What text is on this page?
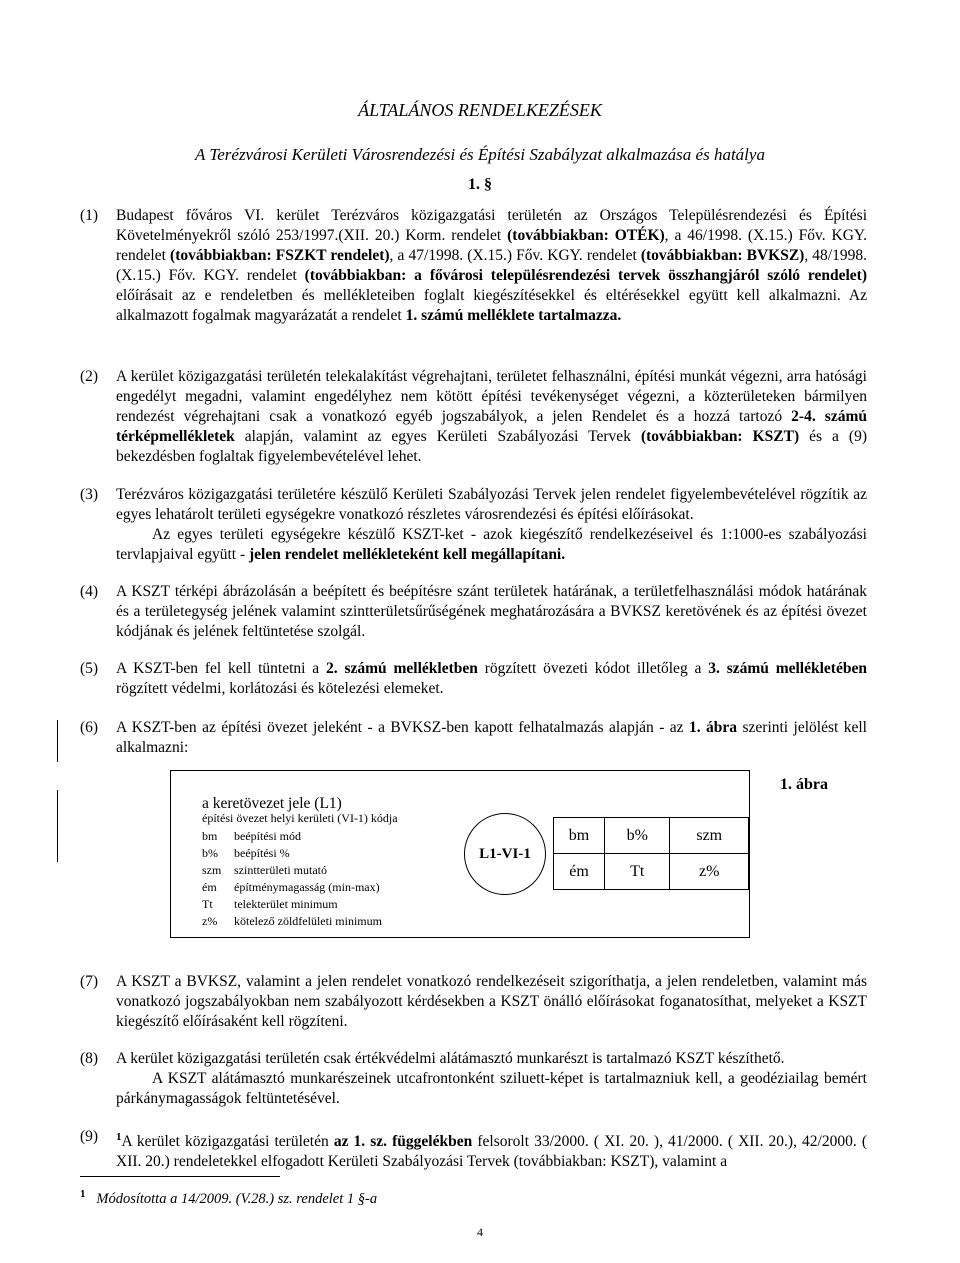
ÁLTALÁNOS RENDELKEZÉSEK
A Terézvárosi Kerületi Városrendezési és Építési Szabályzat alkalmazása és hatálya
1. §
(1)	Budapest főváros VI. kerület Terézváros közigazgatási területén az Országos Településrendezési és Építési Követelményekről szóló 253/1997.(XII. 20.) Korm. rendelet (továbbiakban: OTÉK), a 46/1998. (X.15.) Főv. KGY. rendelet (továbbiakban: FSZKT rendelet), a 47/1998. (X.15.) Főv. KGY. rendelet (továbbiakban: BVKSZ), 48/1998. (X.15.) Főv. KGY. rendelet (továbbiakban: a fővárosi településrendezési tervek összhangjáról szóló rendelet) előírásait az e rendeletben és mellékleteiben foglalt kiegészítésekkel és eltérésekkel együtt kell alkalmazni. Az alkalmazott fogalmak magyarázatát a rendelet 1. számú melléklete tartalmazza.
(2)	A kerület közigazgatási területén telekalakítást végrehajtani, területet felhasználni, építési munkát végezni, arra hatósági engedélyt megadni, valamint engedélyhez nem kötött építési tevékenységet végezni, a közterületeken bármilyen rendezést végrehajtani csak a vonatkozó egyéb jogszabályok, a jelen Rendelet és a hozzá tartozó 2-4. számú térképmellékletek alapján, valamint az egyes Kerületi Szabályozási Tervek (továbbiakban: KSZT) és a (9) bekezdésben foglaltak figyelembevételével lehet.
(3)	Terézváros közigazgatási területére készülő Kerületi Szabályozási Tervek jelen rendelet figyelembevételével rögzítik az egyes lehatárolt területi egységekre vonatkozó részletes városrendezési és építési előírásokat.

Az egyes területi egységekre készülő KSZT-ket - azok kiegészítő rendelkezéseivel és 1:1000-es szabályozási tervlapjaival együtt - jelen rendelet mellékleteként kell megállapítani.

(4)	A KSZT térképi ábrázolásán a beépített és beépítésre szánt területek határának, a területfelhasználási módok határának és a területegység jelének valamint szintterületsűrűségének meghatározására a BVKSZ keretövének és az építési övezet kódjának és jelének feltüntetése szolgál.
(5)	A KSZT-ben fel kell tüntetni a 2. számú mellékletben rögzített övezeti kódot illetőleg a 3. számú mellékletében rögzített védelmi, korlátozási és kötelezési elemeket.
(6)	A KSZT-ben az építési övezet jeleként - a BVKSZ-ben kapott felhatalmazás alapján - az 1. ábra szerinti jelölést kell alkalmazni:
1. ábra
a keretövezet jele (L1)
építési övezet helyi kerületi (VI-1) kódja
bm beépítési mód
b% beépítési %
szm szintterületi mutató
ém építménymagasság (min-max)
Tt telekterület minimum
z% kötelező zöldfelületi minimum
L1-VI-1
bm	b%	szm
ém	Tt	z%
(7)	A KSZT a BVKSZ, valamint a jelen rendelet vonatkozó rendelkezéseit szigoríthatja, a jelen rendeletben, valamint más vonatkozó jogszabályokban nem szabályozott kérdésekben a KSZT önálló előírásokat foganatosíthat, melyeket a KSZT kiegészítő előírásaként kell rögzíteni.
(8)	A kerület közigazgatási területén csak értékvédelmi alátámasztó munkarészt is tartalmazó KSZT készíthető.

A KSZT alátámasztó munkarészeinek utcafrontonként sziluett-képet is tartalmazniuk kell, a geodéziailag bemért párkánymagasságok feltüntetésével.

(9)	$^1$A kerület közigazgatási területén az 1. sz. függelékben felsorolt 33/2000. ( XI. 20. ), 41/2000. ( XII. 20.), 42/2000. ( XII. 20.) rendeletekkel elfogadott Kerületi Szabályozási Tervek (továbbiakban: KSZT), valamint a
$^1$ Módosította a 14/2009. (V.28.) sz. rendelet 1 §-a
4
